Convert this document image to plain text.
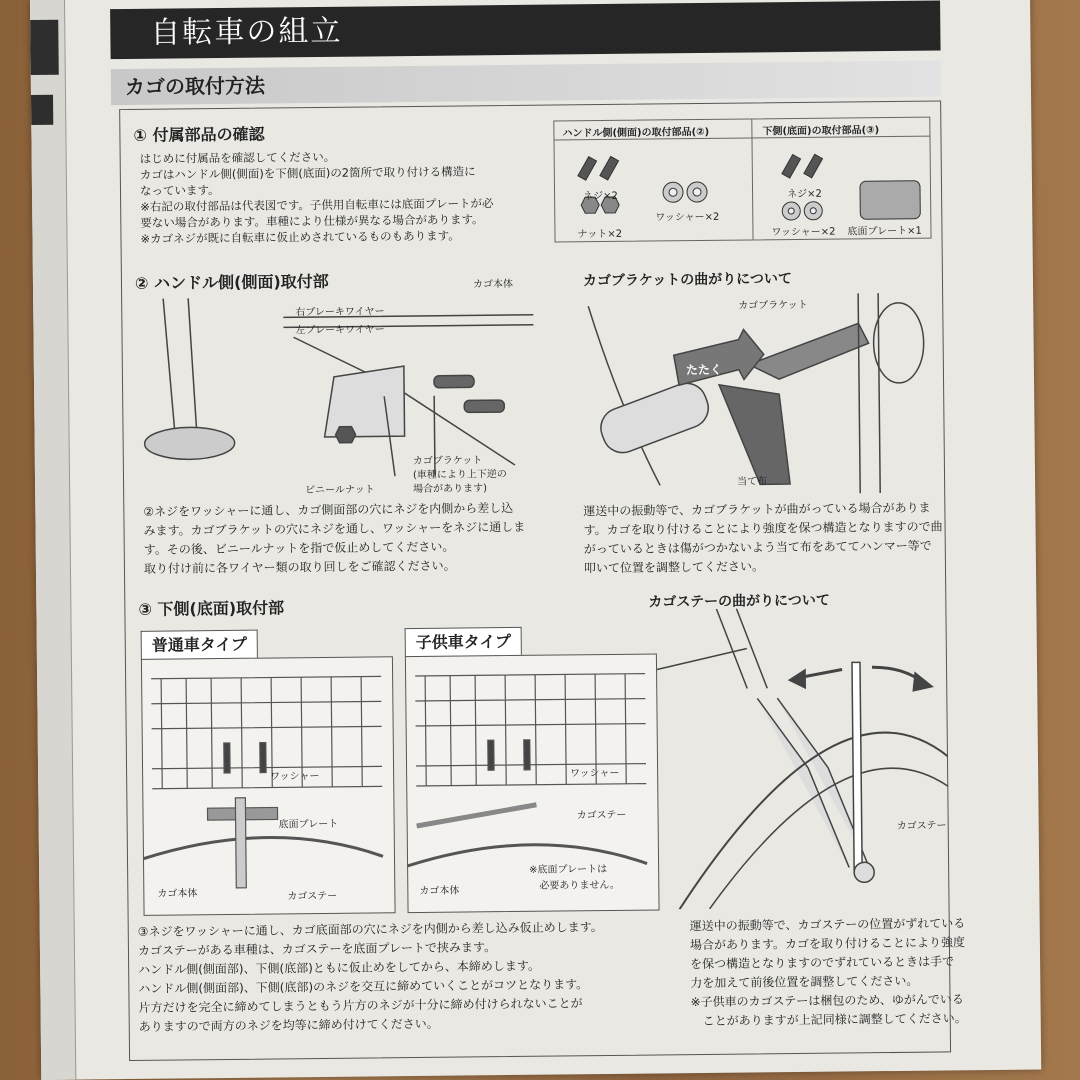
自転車の組立
カゴの取付方法
① 付属部品の確認
はじめに付属品を確認してください。
カゴはハンドル側(側面)を下側(底面)の2箇所で取り付ける構造に
なっています。
※右記の取付部品は代表図です。子供用自転車には底面プレートが必
要ない場合があります。車種により仕様が異なる場合があります。
※カゴネジが既に自転車に仮止めされているものもあります。
ハンドル側(側面)の取付部品(②)	下側(底面)の取付部品(③)
ネジ×2
ナット×2
ワッシャー×2
ネジ×2
ワッシャー×2 底面プレート×1
② ハンドル側(側面)取付部	カゴ本体
右ブレーキワイヤー
左ブレーキワイヤー
カゴブラケット
(車種により上下逆の
場合があります)
ビニールナット
②ネジをワッシャーに通し、カゴ側面部の穴にネジを内側から差し込
みます。カゴブラケットの穴にネジを通し、ワッシャーをネジに通しま
す。その後、ビニールナットを指で仮止めしてください。
取り付け前に各ワイヤー類の取り回しをご確認ください。
カゴブラケットの曲がりについて
カゴブラケット
たたく
当て布
運送中の振動等で、カゴブラケットが曲がっている場合がありま
す。カゴを取り付けることにより強度を保つ構造となりますので曲
がっているときは傷がつかないよう当て布をあててハンマー等で
叩いて位置を調整してください。
③ 下側(底面)取付部
普通車タイプ	子供車タイプ
ワッシャー
底面プレート
カゴ本体	カゴステー
ワッシャー
カゴステー
カゴ本体
※底面プレートは
必要ありません。
③ネジをワッシャーに通し、カゴ底面部の穴にネジを内側から差し込み仮止めします。
カゴステーがある車種は、カゴステーを底面プレートで挟みます。
ハンドル側(側面部)、下側(底部)ともに仮止めをしてから、本締めします。
ハンドル側(側面部)、下側(底部)のネジを交互に締めていくことがコツとなります。
片方だけを完全に締めてしまうともう片方のネジが十分に締め付けられないことが
ありますので両方のネジを均等に締め付けてください。
カゴステーの曲がりについて
カゴステー
運送中の振動等で、カゴステーの位置がずれている
場合があります。カゴを取り付けることにより強度
を保つ構造となりますのでずれているときは手で
力を加えて前後位置を調整してください。
※子供車のカゴステーは梱包のため、ゆがんでいる
　ことがありますが上記同様に調整してください。
